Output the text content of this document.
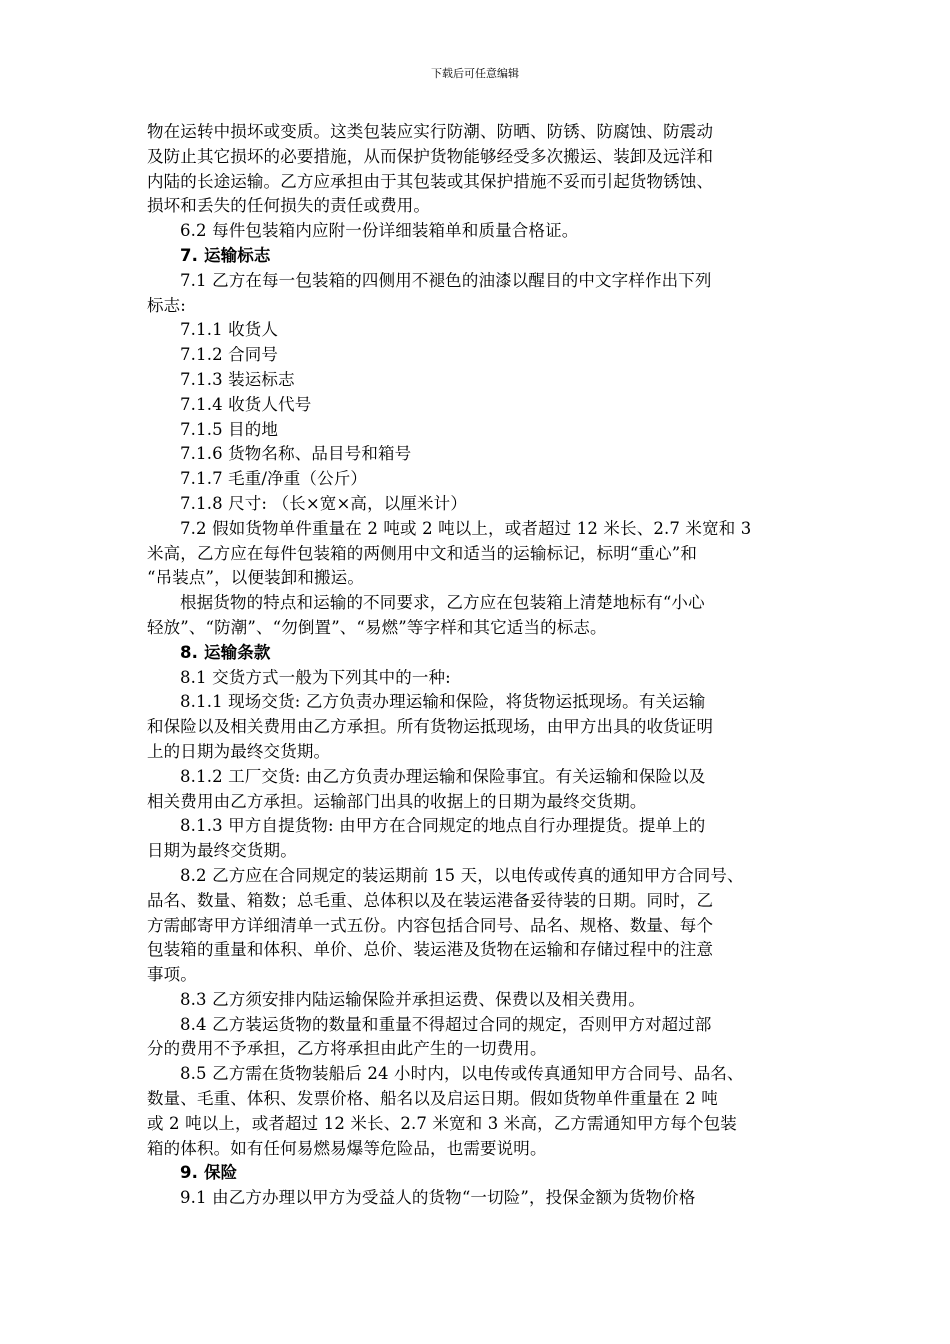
下载后可任意编辑
物在运转中损坏或变质。这类包装应实行防潮、防晒、防锈、防腐蚀、防震动
及防止其它损坏的必要措施，从而保护货物能够经受多次搬运、装卸及远洋和
内陆的长途运输。乙方应承担由于其包装或其保护措施不妥而引起货物锈蚀、
损坏和丢失的任何损失的责任或费用。
6.2 每件包装箱内应附一份详细装箱单和质量合格证。
7. 运输标志
7.1 乙方在每一包装箱的四侧用不褪色的油漆以醒目的中文字样作出下列
标志:
7.1.1 收货人
7.1.2 合同号
7.1.3 装运标志
7.1.4 收货人代号
7.1.5 目的地
7.1.6 货物名称、品目号和箱号
7.1.7 毛重/净重（公斤）
7.1.8 尺寸: （长×宽×高，以厘米计）
7.2 假如货物单件重量在 2 吨或 2 吨以上，或者超过 12 米长、2.7 米宽和 3
米高，乙方应在每件包装箱的两侧用中文和适当的运输标记，标明“重心”和
“吊装点”，以便装卸和搬运。
根据货物的特点和运输的不同要求，乙方应在包装箱上清楚地标有“小心
轻放”、“防潮”、“勿倒置”、“易燃”等字样和其它适当的标志。
8. 运输条款
8.1 交货方式一般为下列其中的一种:
8.1.1 现场交货: 乙方负责办理运输和保险，将货物运抵现场。有关运输
和保险以及相关费用由乙方承担。所有货物运抵现场，由甲方出具的收货证明
上的日期为最终交货期。
8.1.2 工厂交货: 由乙方负责办理运输和保险事宜。有关运输和保险以及
相关费用由乙方承担。运输部门出具的收据上的日期为最终交货期。
8.1.3 甲方自提货物: 由甲方在合同规定的地点自行办理提货。提单上的
日期为最终交货期。
8.2 乙方应在合同规定的装运期前 15 天，以电传或传真的通知甲方合同号、
品名、数量、箱数；总毛重、总体积以及在装运港备妥待装的日期。同时，乙
方需邮寄甲方详细清单一式五份。内容包括合同号、品名、规格、数量、每个
包装箱的重量和体积、单价、总价、装运港及货物在运输和存储过程中的注意
事项。
8.3 乙方须安排内陆运输保险并承担运费、保费以及相关费用。
8.4 乙方装运货物的数量和重量不得超过合同的规定，否则甲方对超过部
分的费用不予承担，乙方将承担由此产生的一切费用。
8.5 乙方需在货物装船后 24 小时内，以电传或传真通知甲方合同号、品名、
数量、毛重、体积、发票价格、船名以及启运日期。假如货物单件重量在 2 吨
或 2 吨以上，或者超过 12 米长、2.7 米宽和 3 米高，乙方需通知甲方每个包装
箱的体积。如有任何易燃易爆等危险品，也需要说明。
9. 保险
9.1 由乙方办理以甲方为受益人的货物“一切险”，投保金额为货物价格
